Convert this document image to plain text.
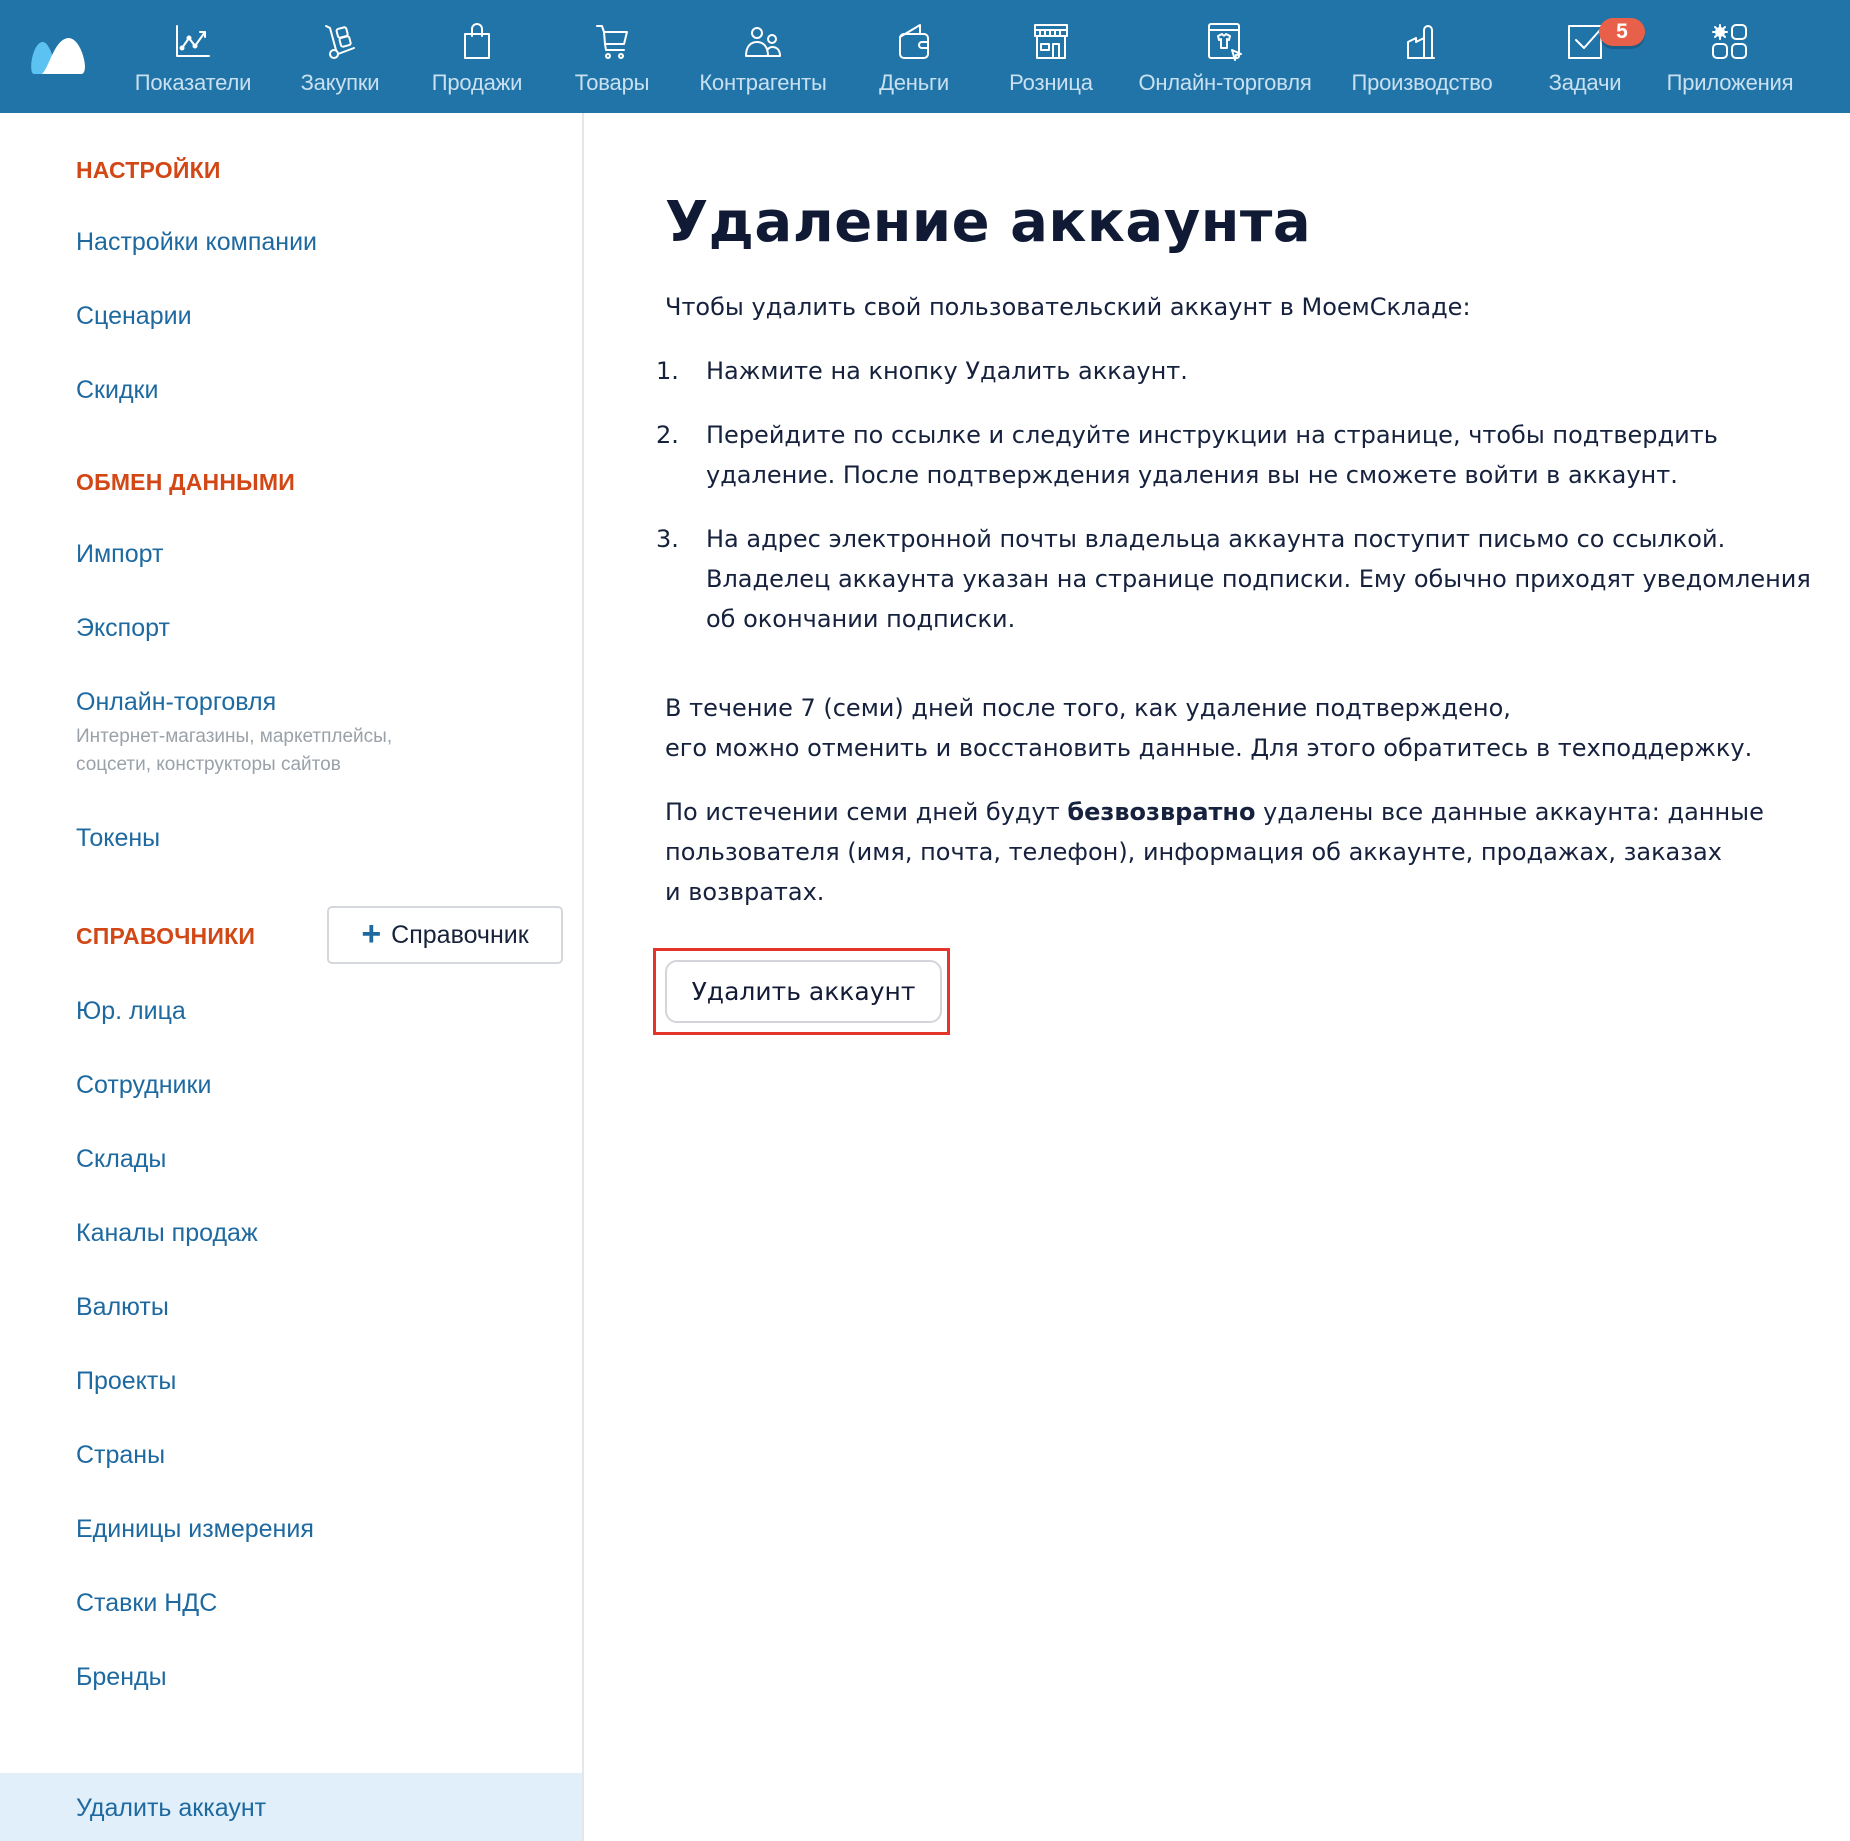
Показатели Закупки Продажи Товары Контрагенты Деньги	Розница Онлайн-торговля Производство
5
Задачи Приложения
НАСТРОЙКИ
Настройки компании
Сценарии
Скидки
ОБМЕН ДАННЫМИ
Импорт
Экспорт
Онлайн-торговля
Интернет-магазины, маркетплейсы,
соцсети, конструкторы сайтов
Токены
СПРАВОЧНИКИ	+ Справочник
Юр. лица
Сотрудники
Склады
Каналы продаж
Валюты
Проекты
Страны
Единицы измерения
Ставки НДС
Бренды
Удалить аккаунт
Удаление аккаунта
Чтобы удалить свой пользовательский аккаунт в МоемСкладе:
1. Нажмите на кнопку Удалить аккаунт.
2. Перейдите по ссылке и следуйте инструкции на странице, чтобы подтвердить
удаление. После подтверждения удаления вы не сможете войти в аккаунт.
3. На адрес электронной почты владельца аккаунта поступит письмо со ссылкой.
Владелец аккаунта указан на странице подписки. Ему обычно приходят уведомления
об окончании подписки.
В течение 7 (семи) дней после того, как удаление подтверждено,
его можно отменить и восстановить данные. Для этого обратитесь в техподдержку.
По истечении семи дней будут безвозвратно удалены все данные аккаунта: данные
пользователя (имя, почта, телефон), информация об аккаунте, продажах, заказах
и возвратах.
Удалить аккаунт
